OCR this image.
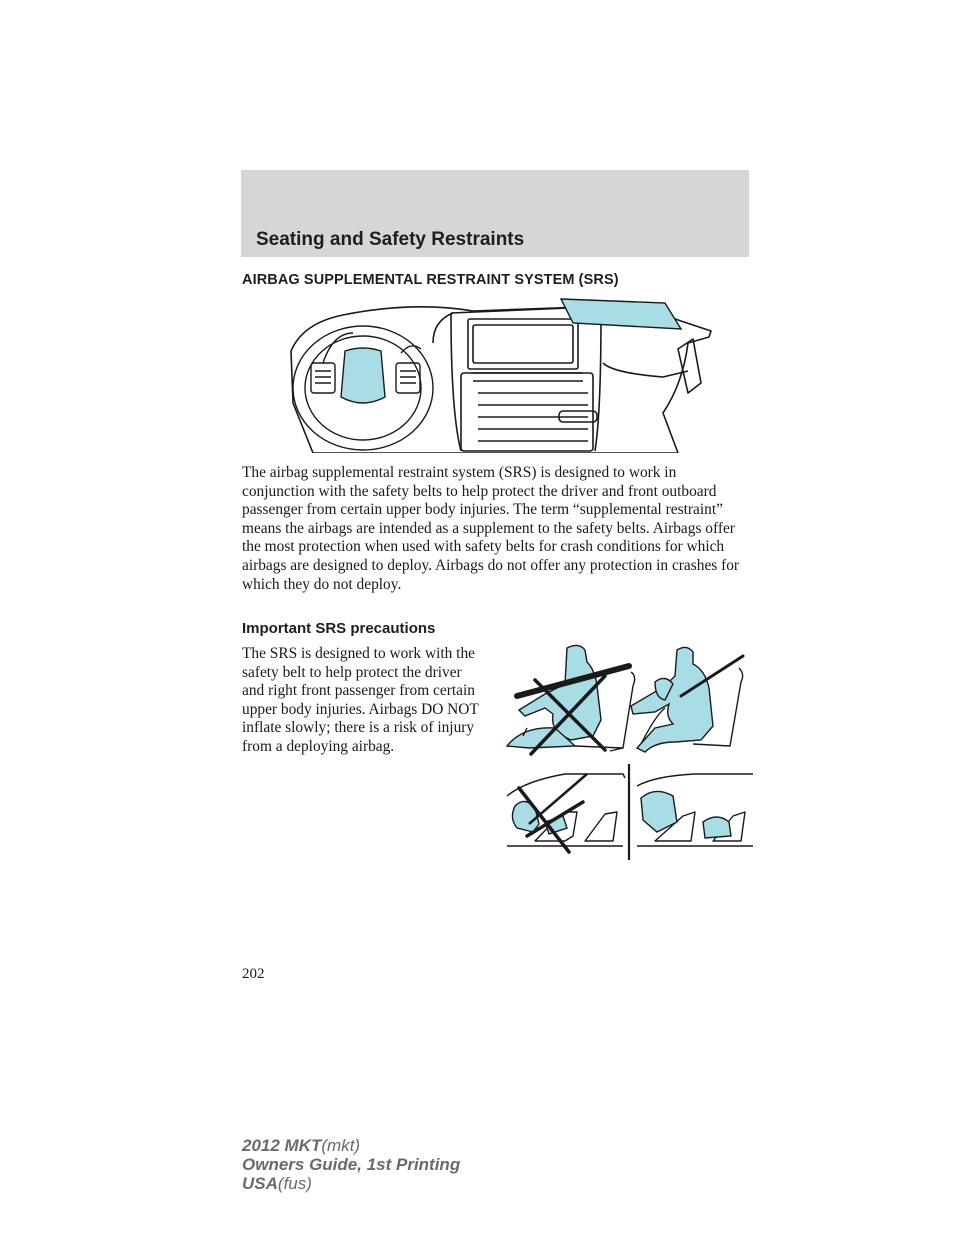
Seating and Safety Restraints
AIRBAG SUPPLEMENTAL RESTRAINT SYSTEM (SRS)

The airbag supplemental restraint system (SRS) is designed to work in conjunction with the safety belts to help protect the driver and front outboard passenger from certain upper body injuries. The term “supplemental restraint” means the airbags are intended as a supplement to the safety belts. Airbags offer the most protection when used with safety belts for crash conditions for which airbags are designed to deploy. Airbags do not offer any protection in crashes for which they do not deploy.

Important SRS precautions

The SRS is designed to work with the safety belt to help protect the driver and right front passenger from certain upper body injuries. Airbags DO NOT inflate slowly; there is a risk of injury from a deploying airbag.

202
2012 MKT(mkt)
Owners Guide, 1st Printing
USA(fus)
